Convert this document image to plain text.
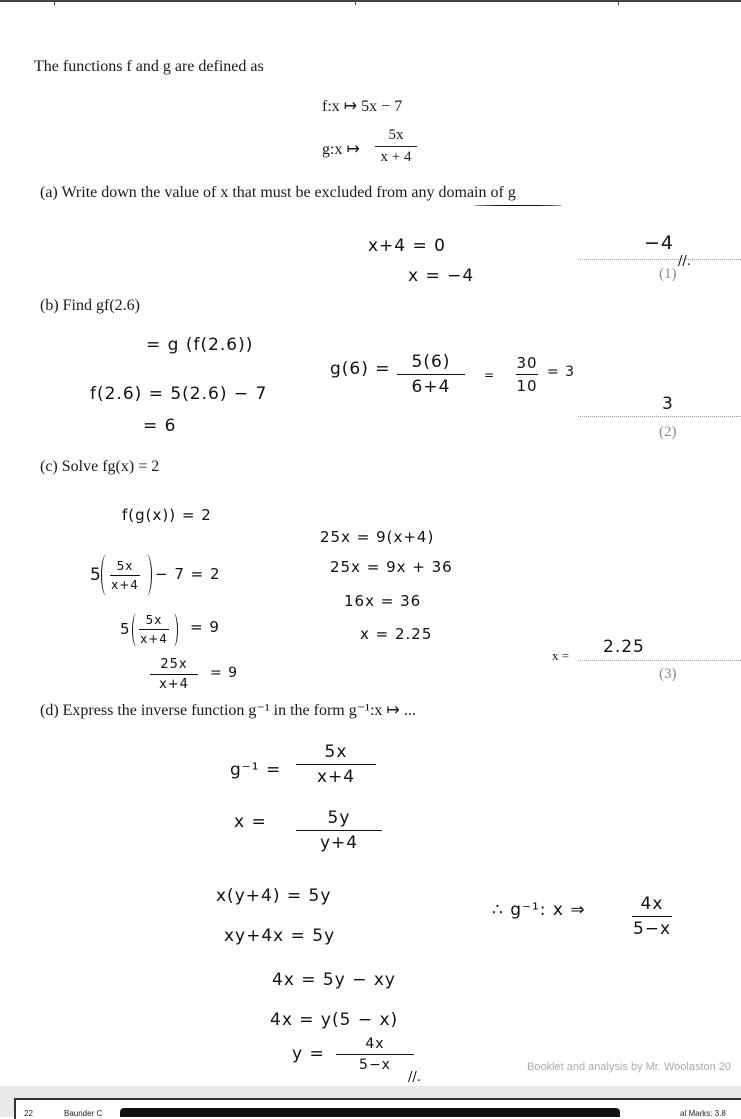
The functions f and g are defined as
f:x ↦ 5x − 7
g:x ↦
5x
x + 4
(a) Write down the value of x that must be excluded from any domain of g
x+4 = 0
x = −4
−4
//.
(1)
(b) Find gf(2.6)
= g (f(2.6))
f(2.6) = 5(2.6) − 7
= 6
g(6) = 5(6)
6+4
=
30
10
= 3
3
(2)
(c) Solve fg(x) = 2
f(g(x)) = 2
5 5x
x+4
− 7 = 2
5 5x
x+4
= 9
25x
x+4
= 9
25x = 9(x+4)
25x = 9x + 36
16x = 36
x = 2.25
x = 2.25
(3)
(d) Express the inverse function g⁻¹ in the form g⁻¹:x ↦ ...
g⁻¹ =
5x
x+4
x =	5y
y+4
x(y+4) = 5y
xy+4x = 5y
4x = 5y − xy
4x = y(5 − x)
y =	4x
5−x
//.
∴ g⁻¹: x ⇒	4x
5−x
Booklet and analysis by Mr. Woolaston 20
22	Baunder C	al Marks: 3.8
